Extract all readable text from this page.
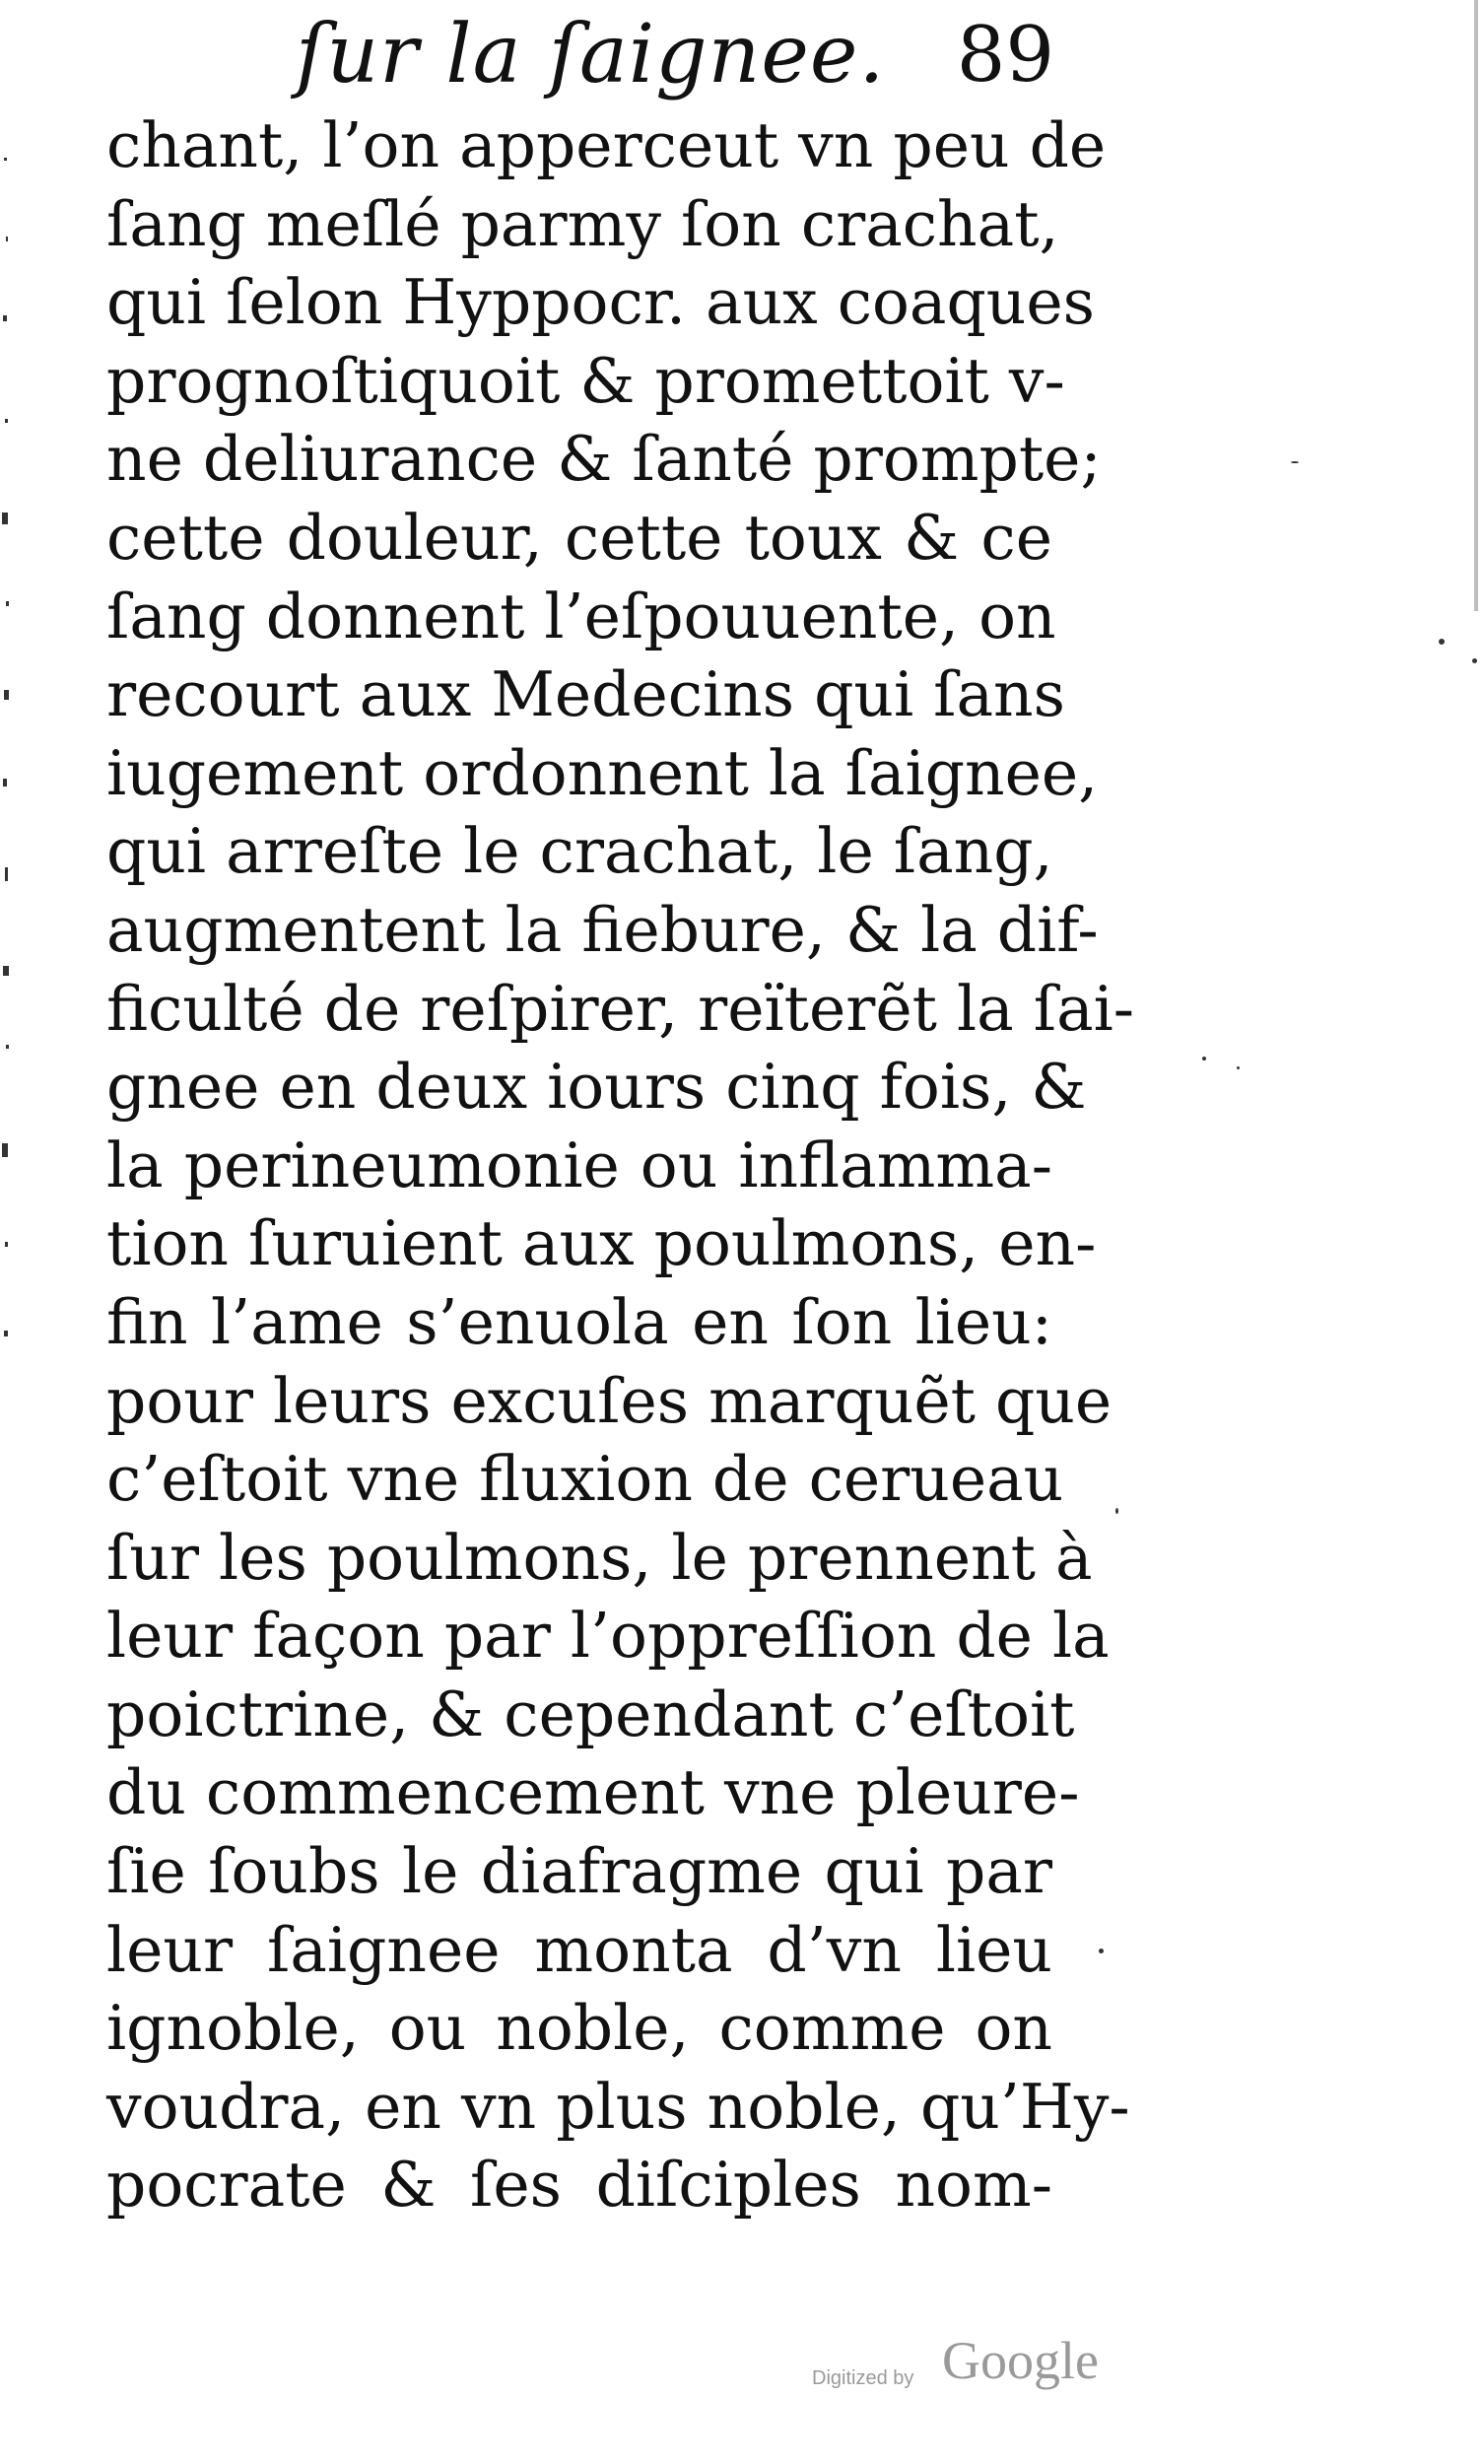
ſur la ſaignee. 89
chant, l’on apperceut vn peu de
ſang meſlé parmy ſon crachat,
qui ſelon Hyppocr. aux coaques
prognoſtiquoit & promettoit v-
ne deliurance & ſanté prompte;
cette douleur, cette toux & ce
ſang donnent l’eſpouuente, on
recourt aux Medecins qui ſans
iugement ordonnent la ſaignee,
qui arreſte le crachat, le ſang,
augmentent la fiebure, & la dif-
ficulté de reſpirer, reïterẽt la ſai-
gnee en deux iours cinq fois, &
la perineumonie ou inflamma-
tion ſuruient aux poulmons, en-
fin l’ame s’enuola en ſon lieu:
pour leurs excuſes marquẽt que
c’eſtoit vne fluxion de cerueau
ſur les poulmons, le prennent à
leur façon par l’oppreſſion de la
poictrine, & cependant c’eſtoit
du commencement vne pleure-
ſie ſoubs le diafragme qui par
leur ſaignee monta d’vn lieu
ignoble, ou noble, comme on
voudra, en vn plus noble, qu’Hy-
pocrate & ſes diſciples nom-
Digitized by Google
